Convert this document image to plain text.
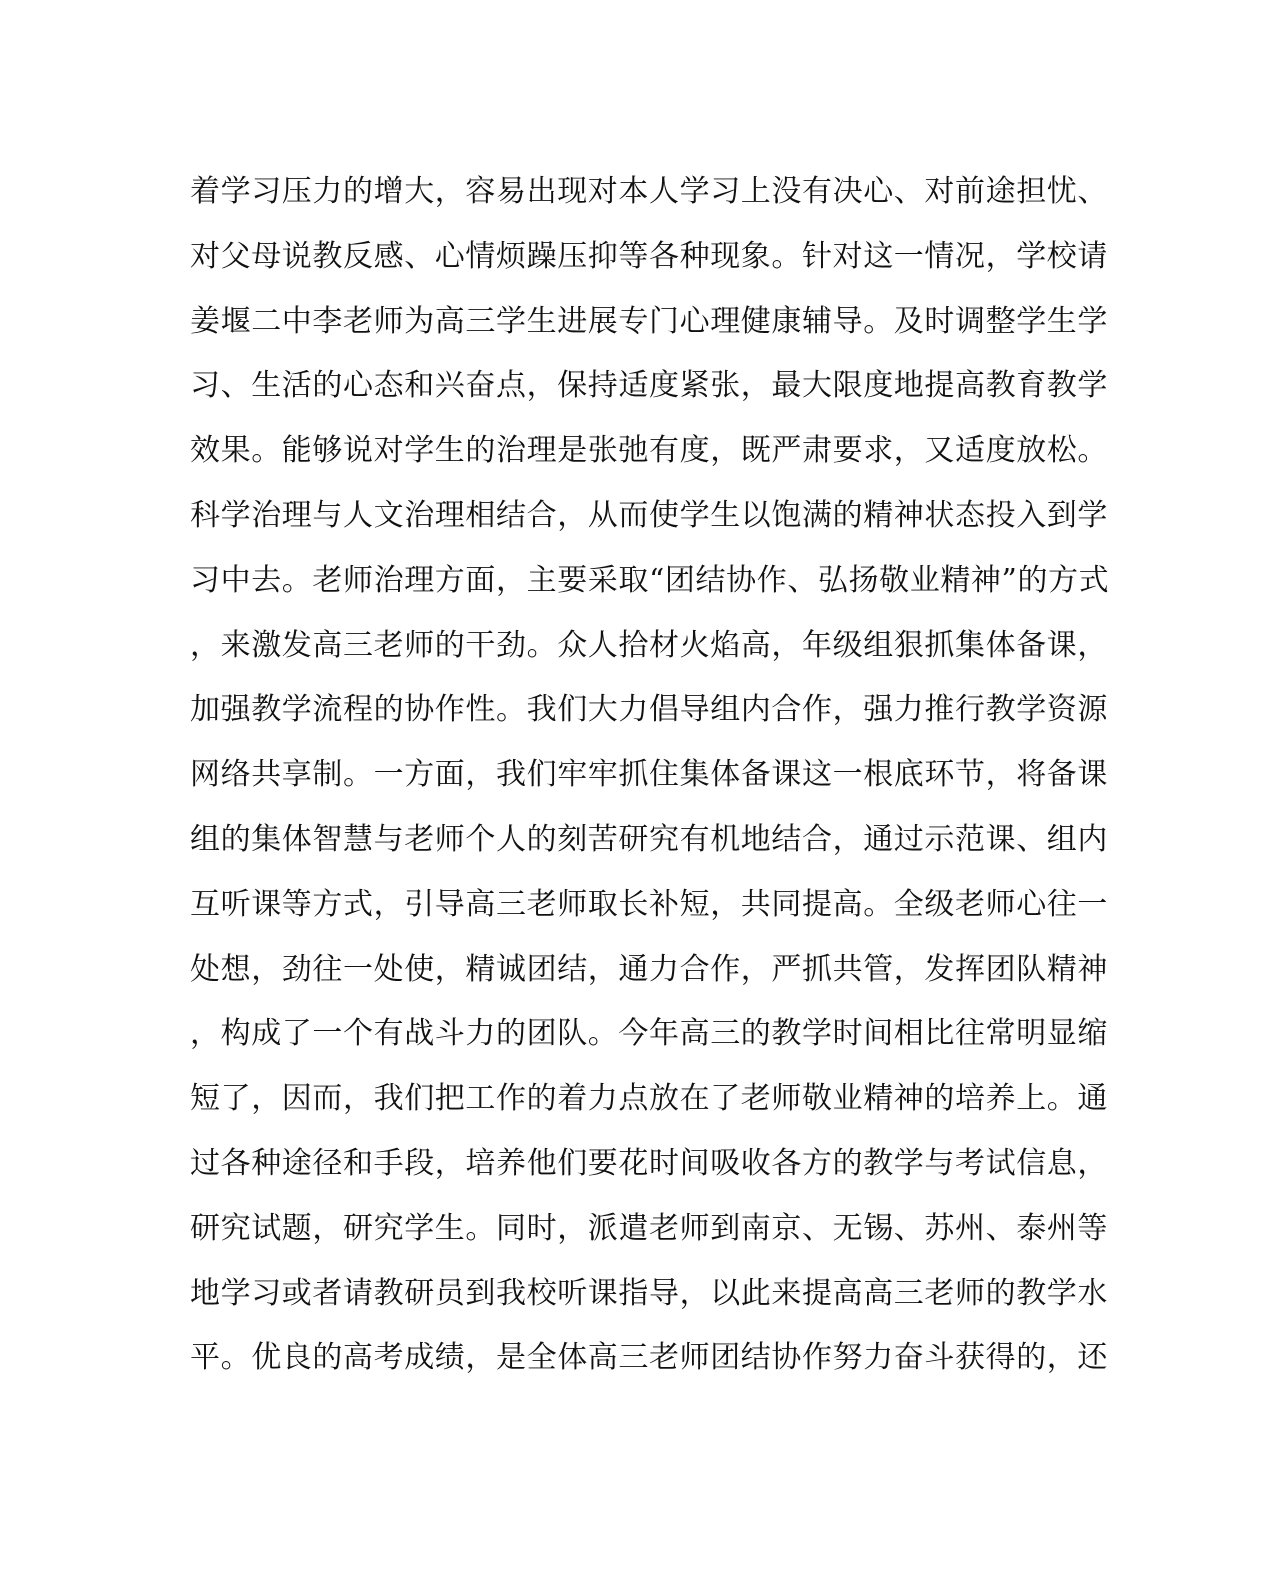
着学习压力的增大，容易出现对本人学习上没有决心、对前途担忧、
对父母说教反感、心情烦躁压抑等各种现象。针对这一情况，学校请
姜堰二中李老师为高三学生进展专门心理健康辅导。及时调整学生学
习、生活的心态和兴奋点，保持适度紧张，最大限度地提高教育教学
效果。能够说对学生的治理是张弛有度，既严肃要求，又适度放松。
科学治理与人文治理相结合，从而使学生以饱满的精神状态投入到学
习中去。老师治理方面，主要采取“团结协作、弘扬敬业精神”的方式
，来激发高三老师的干劲。众人拾材火焰高，年级组狠抓集体备课，
加强教学流程的协作性。我们大力倡导组内合作，强力推行教学资源
网络共享制。一方面，我们牢牢抓住集体备课这一根底环节，将备课
组的集体智慧与老师个人的刻苦研究有机地结合，通过示范课、组内
互听课等方式，引导高三老师取长补短，共同提高。全级老师心往一
处想，劲往一处使，精诚团结，通力合作，严抓共管，发挥团队精神
，构成了一个有战斗力的团队。今年高三的教学时间相比往常明显缩
短了，因而，我们把工作的着力点放在了老师敬业精神的培养上。通
过各种途径和手段，培养他们要花时间吸收各方的教学与考试信息，
研究试题，研究学生。同时，派遣老师到南京、无锡、苏州、泰州等
地学习或者请教研员到我校听课指导，以此来提高高三老师的教学水
平。优良的高考成绩，是全体高三老师团结协作努力奋斗获得的，还
